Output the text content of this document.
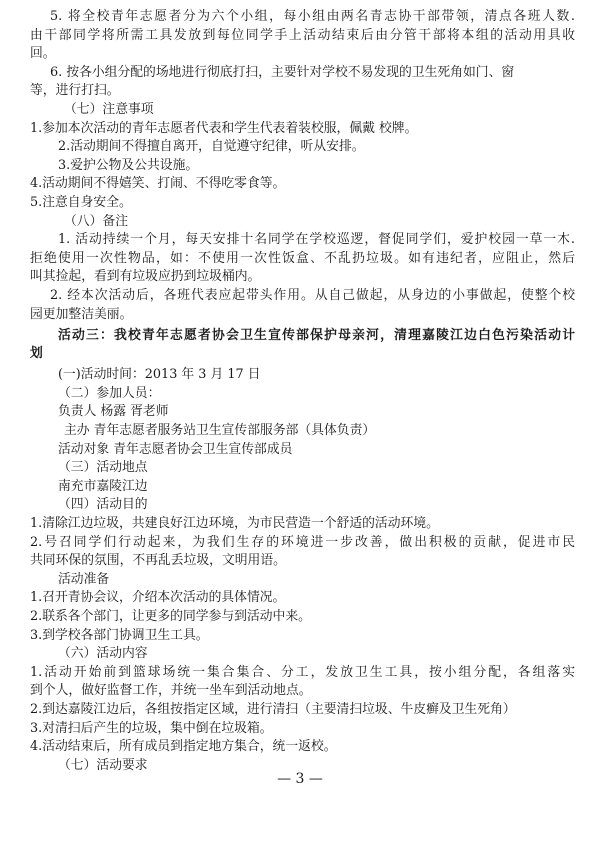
5. 将全校青年志愿者分为六个小组，每小组由两名青志协干部带领，清点各班人数.
由干部同学将所需工具发放到每位同学手上活动结束后由分管干部将本组的活动用具收
回。
6. 按各小组分配的场地进行彻底打扫，主要针对学校不易发现的卫生死角如门、窗
等，进行打扫。
（七）注意事项
1.参加本次活动的青年志愿者代表和学生代表着装校服，佩戴 校牌。
2.活动期间不得擅自离开，自觉遵守纪律，听从安排。
3.爱护公物及公共设施。
4.活动期间不得嬉笑、打闹、不得吃零食等。
5.注意自身安全。
（八）备注
1. 活动持续一个月，每天安排十名同学在学校巡逻，督促同学们，爱护校园一草一木.
拒绝使用一次性物品，如：不使用一次性饭盒、不乱扔垃圾。如有违纪者，应阻止，然后
叫其捡起，看到有垃圾应扔到垃圾桶内。
2. 经本次活动后，各班代表应起带头作用。从自己做起，从身边的小事做起，使整个校
园更加整洁美丽。
活动三：我校青年志愿者协会卫生宣传部保护母亲河，清理嘉陵江边白色污染活动计
划
(一)活动时间：2013 年 3 月 17 日
（二）参加人员：
负责人 杨露 胥老师
主办 青年志愿者服务站卫生宣传部服务部（具体负责）
活动对象 青年志愿者协会卫生宣传部成员
（三）活动地点
南充市嘉陵江边
（四）活动目的
1.清除江边垃圾，共建良好江边环境，为市民营造一个舒适的活动环境。
2.号召同学们行动起来，为我们生存的环境进一步改善，做出积极的贡献，促进市民
共同环保的氛围，不再乱丢垃圾，文明用语。
活动准备
1.召开青协会议，介绍本次活动的具体情况。
2.联系各个部门，让更多的同学参与到活动中来。
3.到学校各部门协调卫生工具。
（六）活动内容
1.活动开始前到篮球场统一集合集合、分工，发放卫生工具，按小组分配，各组落实
到个人，做好监督工作，并统一坐车到活动地点。
2.到达嘉陵江边后，各组按指定区域，进行清扫（主要清扫垃圾、牛皮癣及卫生死角）
3.对清扫后产生的垃圾，集中倒在垃圾箱。
4.活动结束后，所有成员到指定地方集合，统一返校。
（七）活动要求
— 3 —
